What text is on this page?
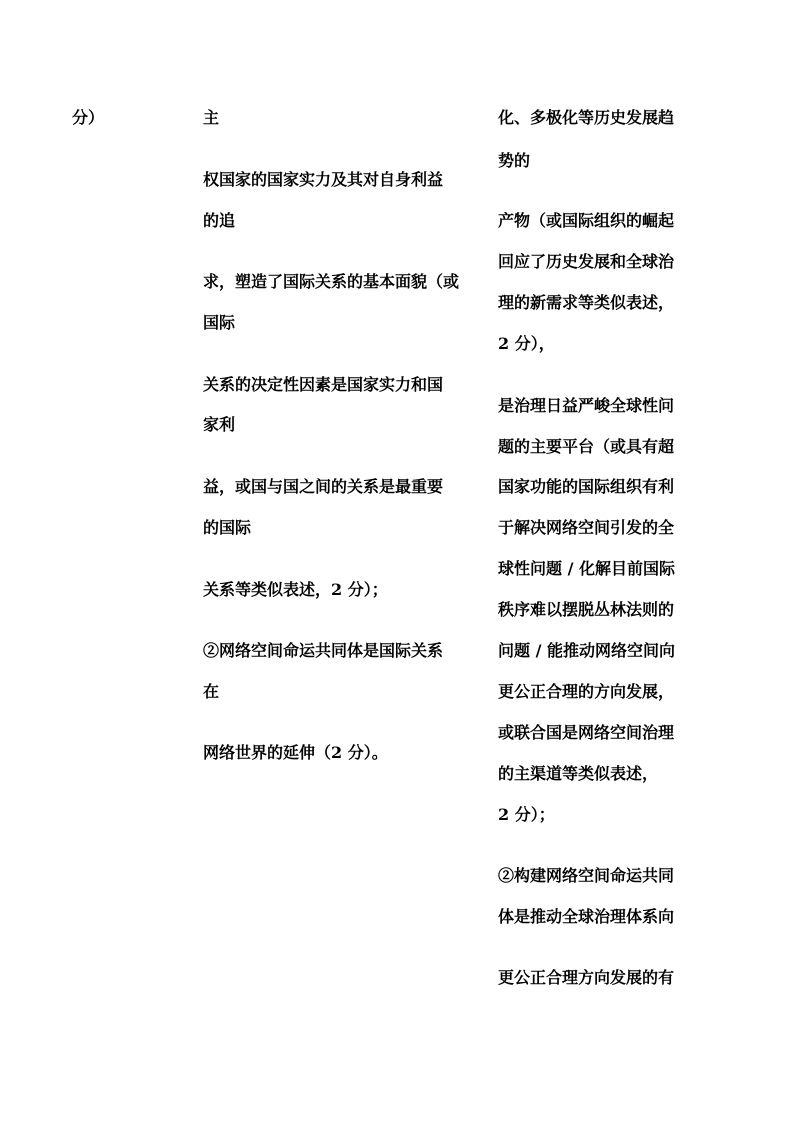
分）	主
权国家的国家实力及其对自身利益
的追
求，塑造了国际关系的基本面貌（或
国际
关系的决定性因素是国家实力和国
家利
益，或国与国之间的关系是最重要
的国际
关系等类似表述，2 分）；
②网络空间命运共同体是国际关系
在
网络世界的延伸（2 分）。
化、多极化等历史发展趋
势的
产物（或国际组织的崛起
回应了历史发展和全球治
理的新需求等类似表述，
2 分），
是治理日益严峻全球性问
题的主要平台（或具有超
国家功能的国际组织有利
于解决网络空间引发的全
球性问题 / 化解目前国际
秩序难以摆脱丛林法则的
问题 / 能推动网络空间向
更公正合理的方向发展，
或联合国是网络空间治理
的主渠道等类似表述，
2 分）；
②构建网络空间命运共同
体是推动全球治理体系向
更公正合理方向发展的有
